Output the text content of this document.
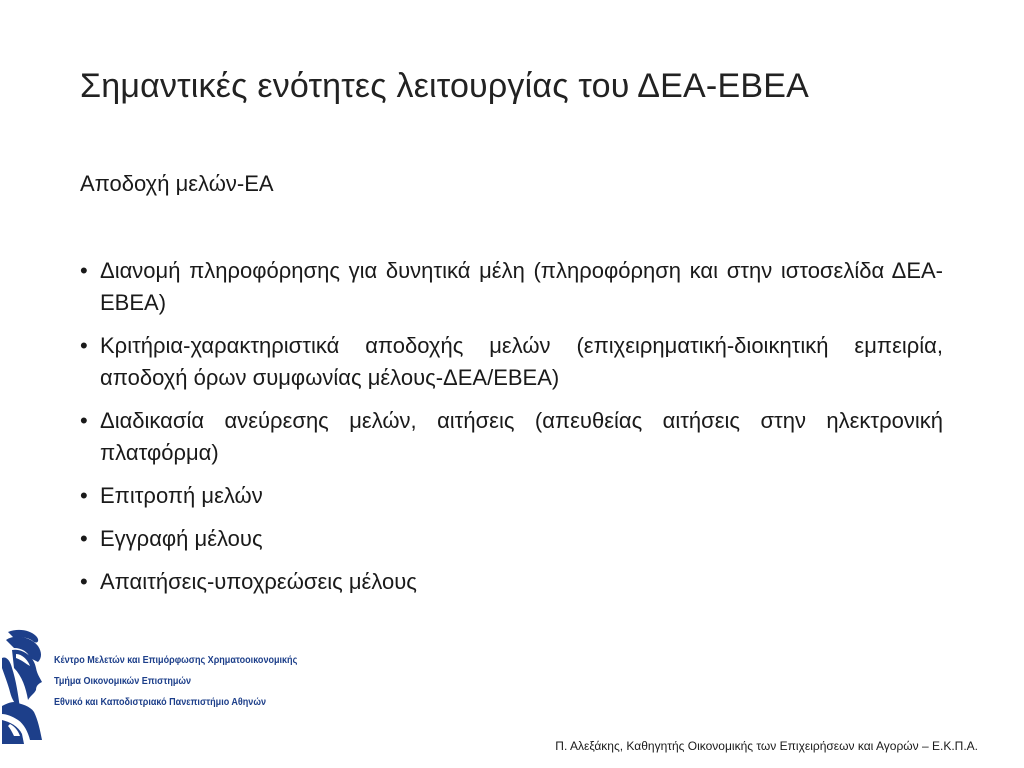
Σημαντικές ενότητες λειτουργίας του ΔΕΑ-ΕΒΕΑ

Αποδοχή μελών-ΕΑ

• Διανομή πληροφόρησης για δυνητικά μέλη (πληροφόρηση και στην ιστοσελίδα ΔΕΑ-ΕΒΕΑ)
• Κριτήρια-χαρακτηριστικά αποδοχής μελών (επιχειρηματική-διοικητική εμπειρία, αποδοχή όρων συμφωνίας μέλους-ΔΕΑ/ΕΒΕΑ)
• Διαδικασία ανεύρεσης μελών, αιτήσεις (απευθείας αιτήσεις στην ηλεκτρονική πλατφόρμα)
• Επιτροπή μελών
• Εγγραφή μέλους
• Απαιτήσεις-υποχρεώσεις μέλους
Κέντρο Μελετών και Επιμόρφωσης Χρηματοοικονομικής
Τμήμα Οικονομικών Επιστημών
Εθνικό και Καποδιστριακό Πανεπιστήμιο Αθηνών
Π. Αλεξάκης, Καθηγητής Οικονομικής των Επιχειρήσεων και Αγορών – Ε.Κ.Π.Α.
